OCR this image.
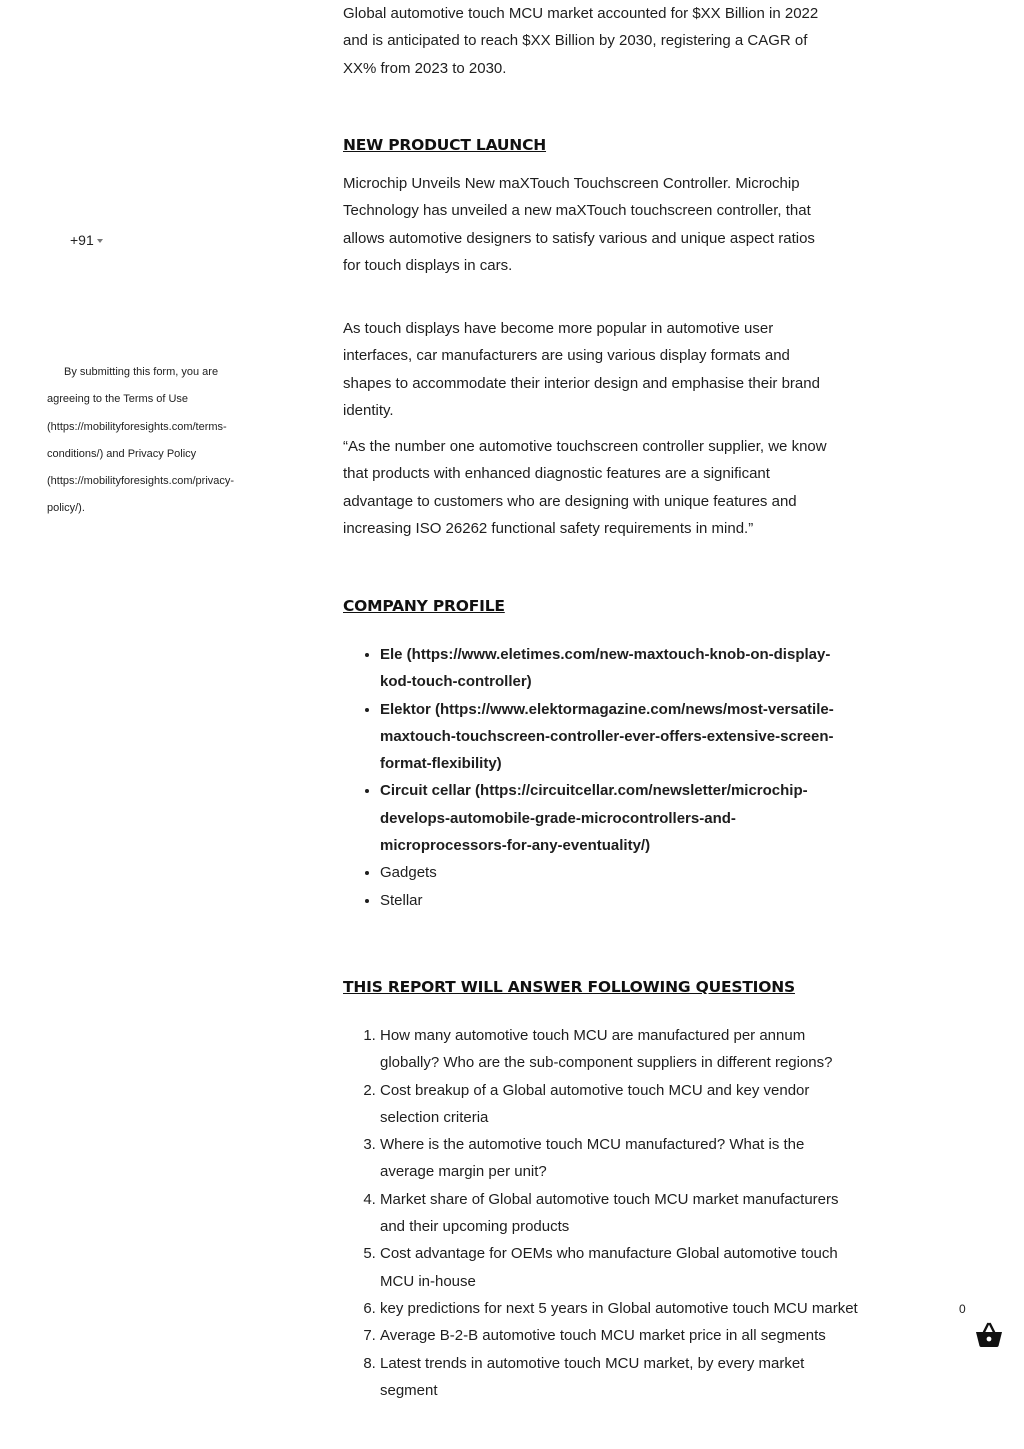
+91
By submitting this form, you are agreeing to the Terms of Use (https://mobilityforesights.com/terms-conditions/) and Privacy Policy (https://mobilityforesights.com/privacy-policy/).

Global automotive touch MCU market accounted for $XX Billion in 2022 and is anticipated to reach $XX Billion by 2030, registering a CAGR of XX% from 2023 to 2030.

NEW PRODUCT LAUNCH

Microchip Unveils New maXTouch Touchscreen Controller. Microchip Technology has unveiled a new maXTouch touchscreen controller, that allows automotive designers to satisfy various and unique aspect ratios for touch displays in cars.

As touch displays have become more popular in automotive user interfaces, car manufacturers are using various display formats and shapes to accommodate their interior design and emphasise their brand identity.

“As the number one automotive touchscreen controller supplier, we know that products with enhanced diagnostic features are a significant advantage to customers who are designing with unique features and increasing ISO 26262 functional safety requirements in mind.”

COMPANY PROFILE
• Ele (https://www.eletimes.com/new-maxtouch-knob-on-display-kod-touch-controller)
• Elektor (https://www.elektormagazine.com/news/most-versatile-maxtouch-touchscreen-controller-ever-offers-extensive-screen-format-flexibility)
• Circuit cellar (https://circuitcellar.com/newsletter/microchip-develops-automobile-grade-microcontrollers-and-microprocessors-for-any-eventuality/)
• Gadgets
• Stellar
THIS REPORT WILL ANSWER FOLLOWING QUESTIONS
1. How many automotive touch MCU are manufactured per annum globally? Who are the sub-component suppliers in different regions?
2. Cost breakup of a Global automotive touch MCU and key vendor selection criteria
3. Where is the automotive touch MCU manufactured? What is the average margin per unit?
4. Market share of Global automotive touch MCU market manufacturers and their upcoming products
5. Cost advantage for OEMs who manufacture Global automotive touch MCU in-house
6. key predictions for next 5 years in Global automotive touch MCU market
7. Average B-2-B automotive touch MCU market price in all segments
8. Latest trends in automotive touch MCU market, by every market segment
0
